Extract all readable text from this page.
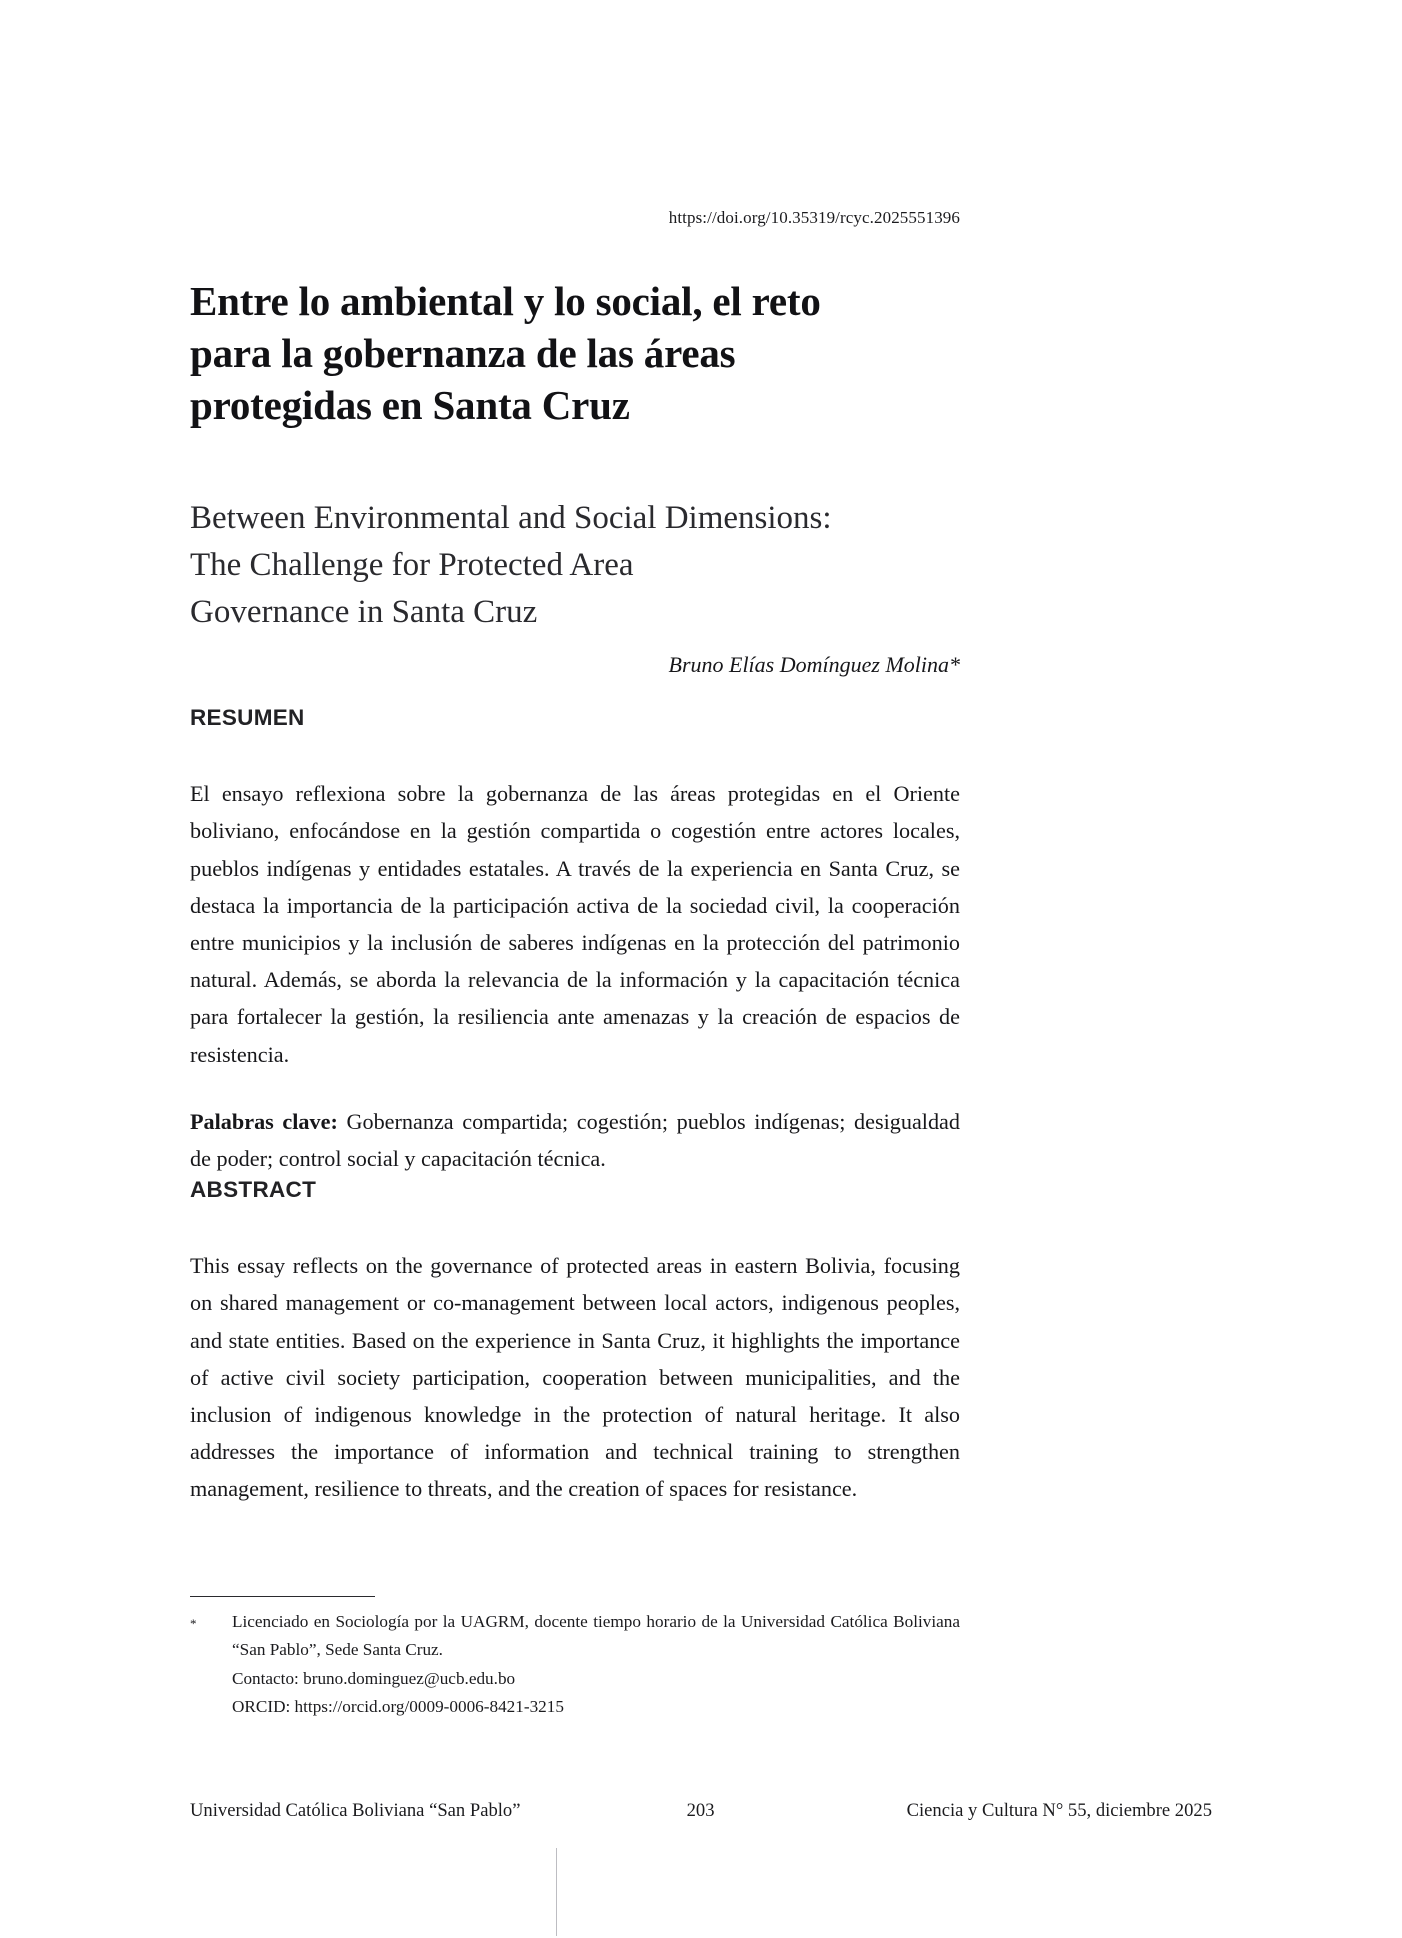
https://doi.org/10.35319/rcyc.2025551396
Entre lo ambiental y lo social, el reto
para la gobernanza de las áreas
protegidas en Santa Cruz
Between Environmental and Social Dimensions:
The Challenge for Protected Area
Governance in Santa Cruz
Bruno Elías Domínguez Molina*
RESUMEN

El ensayo reflexiona sobre la gobernanza de las áreas protegidas en el Oriente boliviano, enfocándose en la gestión compartida o cogestión entre actores locales, pueblos indígenas y entidades estatales. A través de la experiencia en Santa Cruz, se destaca la importancia de la participación activa de la sociedad civil, la cooperación entre municipios y la inclusión de saberes indígenas en la protección del patrimonio natural. Además, se aborda la relevancia de la información y la capacitación técnica para fortalecer la gestión, la resiliencia ante amenazas y la creación de espacios de resistencia.

Palabras clave: Gobernanza compartida; cogestión; pueblos indígenas; desigualdad de poder; control social y capacitación técnica.

ABSTRACT

This essay reflects on the governance of protected areas in eastern Bolivia, focusing on shared management or co-management between local actors, indigenous peoples, and state entities. Based on the experience in Santa Cruz, it highlights the importance of active civil society participation, cooperation between municipalities, and the inclusion of indigenous knowledge in the protection of natural heritage. It also addresses the importance of information and technical training to strengthen management, resilience to threats, and the creation of spaces for resistance.

*	Licenciado en Sociología por la UAGRM, docente tiempo horario de la Universidad Católica Boliviana “San Pablo”, Sede Santa Cruz.
Contacto: bruno.dominguez@ucb.edu.bo
ORCID: https://orcid.org/0009-0006-8421-3215
Universidad Católica Boliviana “San Pablo”	203	Ciencia y Cultura N° 55, diciembre 2025
